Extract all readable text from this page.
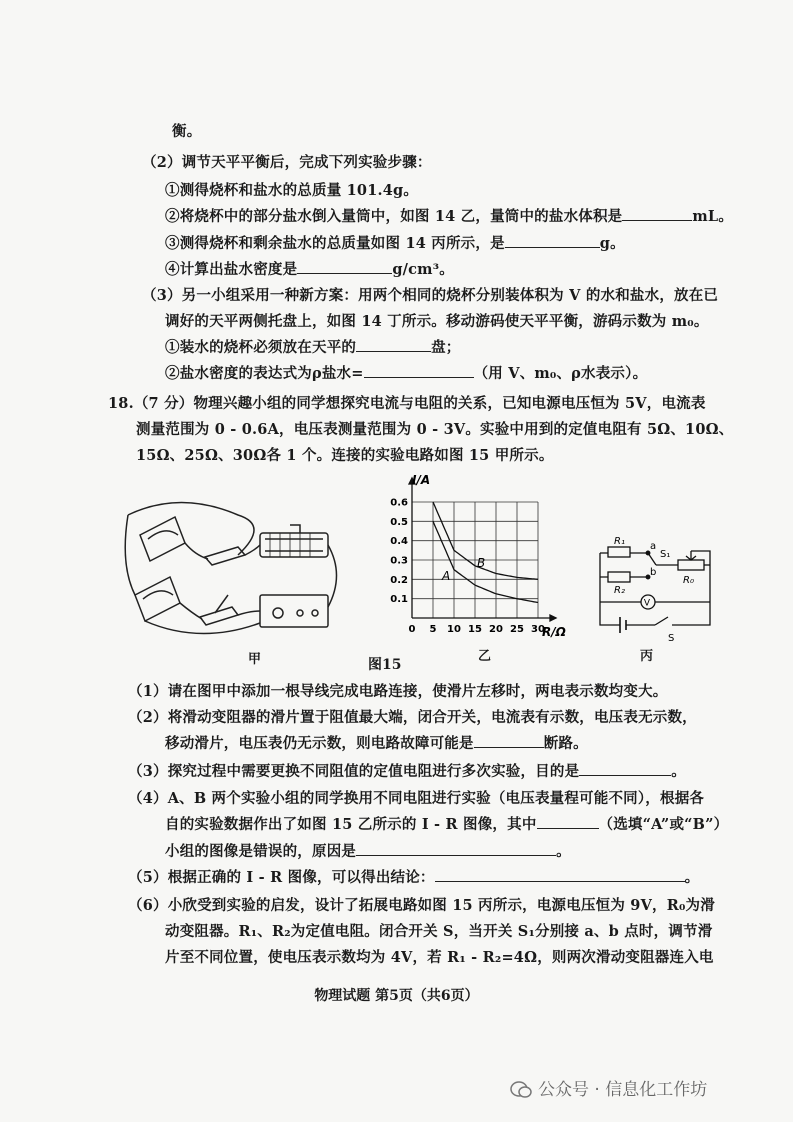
衡。
（2）调节天平平衡后，完成下列实验步骤：
①测得烧杯和盐水的总质量 101.4g。
②将烧杯中的部分盐水倒入量筒中，如图 14 乙，量筒中的盐水体积是	mL。
③测得烧杯和剩余盐水的总质量如图 14 丙所示，是	g。
④计算出盐水密度是	g/cm³。
（3）另一小组采用一种新方案：用两个相同的烧杯分别装体积为 V 的水和盐水，放在已
调好的天平两侧托盘上，如图 14 丁所示。移动游码使天平平衡，游码示数为 m₀。
①装水的烧杯必须放在天平的	盘；
②盐水密度的表达式为ρ盐水=	（用 V、m₀、ρ水表示）。
18.（7 分）物理兴趣小组的同学想探究电流与电阻的关系，已知电源电压恒为 5V，电流表
测量范围为 0 - 0.6A，电压表测量范围为 0 - 3V。实验中用到的定值电阻有 5Ω、10Ω、
15Ω、25Ω、30Ω各 1 个。连接的实验电路如图 15 甲所示。
甲
0 5 10 15 20 25 30
0.1
0.2
0.3
0.4
0.5
0.6
I/A
R/Ω
A
B
乙
V
R₁
R₂
R₀
a
b
S₁
S
丙
图15
（1）请在图甲中添加一根导线完成电路连接，使滑片左移时，两电表示数均变大。
（2）将滑动变阻器的滑片置于阻值最大端，闭合开关，电流表有示数，电压表无示数，
移动滑片，电压表仍无示数，则电路故障可能是	断路。
（3）探究过程中需要更换不同阻值的定值电阻进行多次实验，目的是	。
（4）A、B 两个实验小组的同学换用不同电阻进行实验（电压表量程可能不同），根据各
自的实验数据作出了如图 15 乙所示的 I - R 图像，其中	（选填“A”或“B”）
小组的图像是错误的，原因是	。
（5）根据正确的 I - R 图像，可以得出结论：	。
（6）小欣受到实验的启发，设计了拓展电路如图 15 丙所示，电源电压恒为 9V，R₀为滑
动变阻器。R₁、R₂为定值电阻。闭合开关 S，当开关 S₁分别接 a、b 点时，调节滑
片至不同位置，使电压表示数均为 4V，若 R₁ - R₂=4Ω，则两次滑动变阻器连入电
物理试题 第5页（共6页）
公众号 · 信息化工作坊
